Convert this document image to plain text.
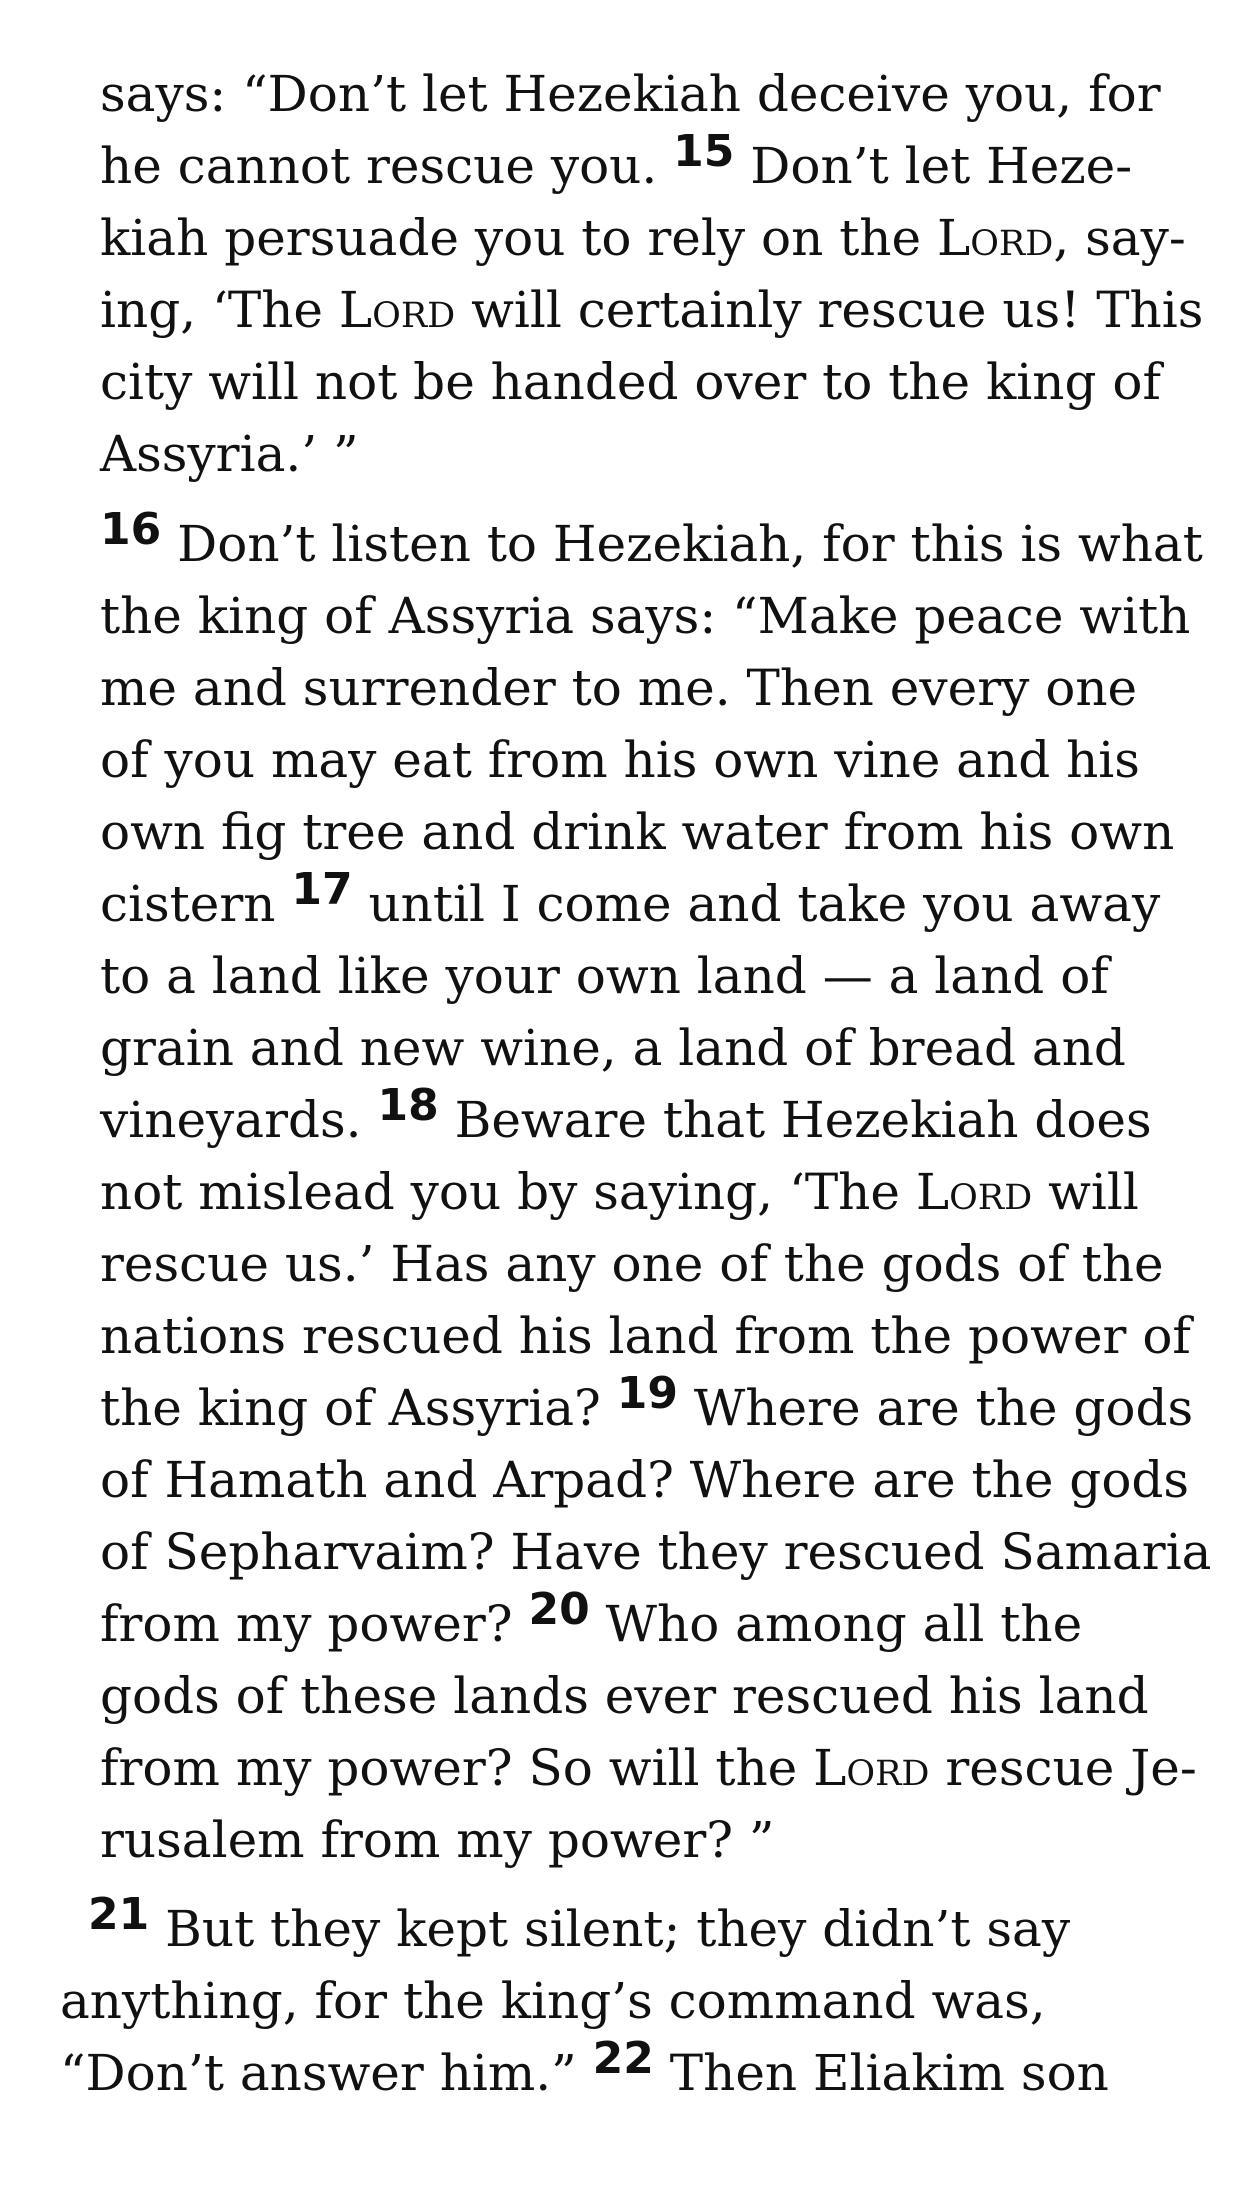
says: “Don’t let Hezekiah deceive you, for
he cannot rescue you. 15 Don’t let Heze-
kiah persuade you to rely on the Lord, say-
ing, ‘The Lord will certainly rescue us! This
city will not be handed over to the king of
Assyria.’ ”
16 Don’t listen to Hezekiah, for this is what
the king of Assyria says: “Make peace with
me and surrender to me. Then every one
of you may eat from his own vine and his
own fig tree and drink water from his own
cistern 17 until I come and take you away
to a land like your own land — a land of
grain and new wine, a land of bread and
vineyards. 18 Beware that Hezekiah does
not mislead you by saying, ‘The Lord will
rescue us.’ Has any one of the gods of the
nations rescued his land from the power of
the king of Assyria? 19 Where are the gods
of Hamath and Arpad? Where are the gods
of Sepharvaim? Have they rescued Samaria
from my power? 20 Who among all the
gods of these lands ever rescued his land
from my power? So will the Lord rescue Je-
rusalem from my power? ”
21 But they kept silent; they didn’t say
anything, for the king’s command was,
“Don’t answer him.” 22 Then Eliakim son
